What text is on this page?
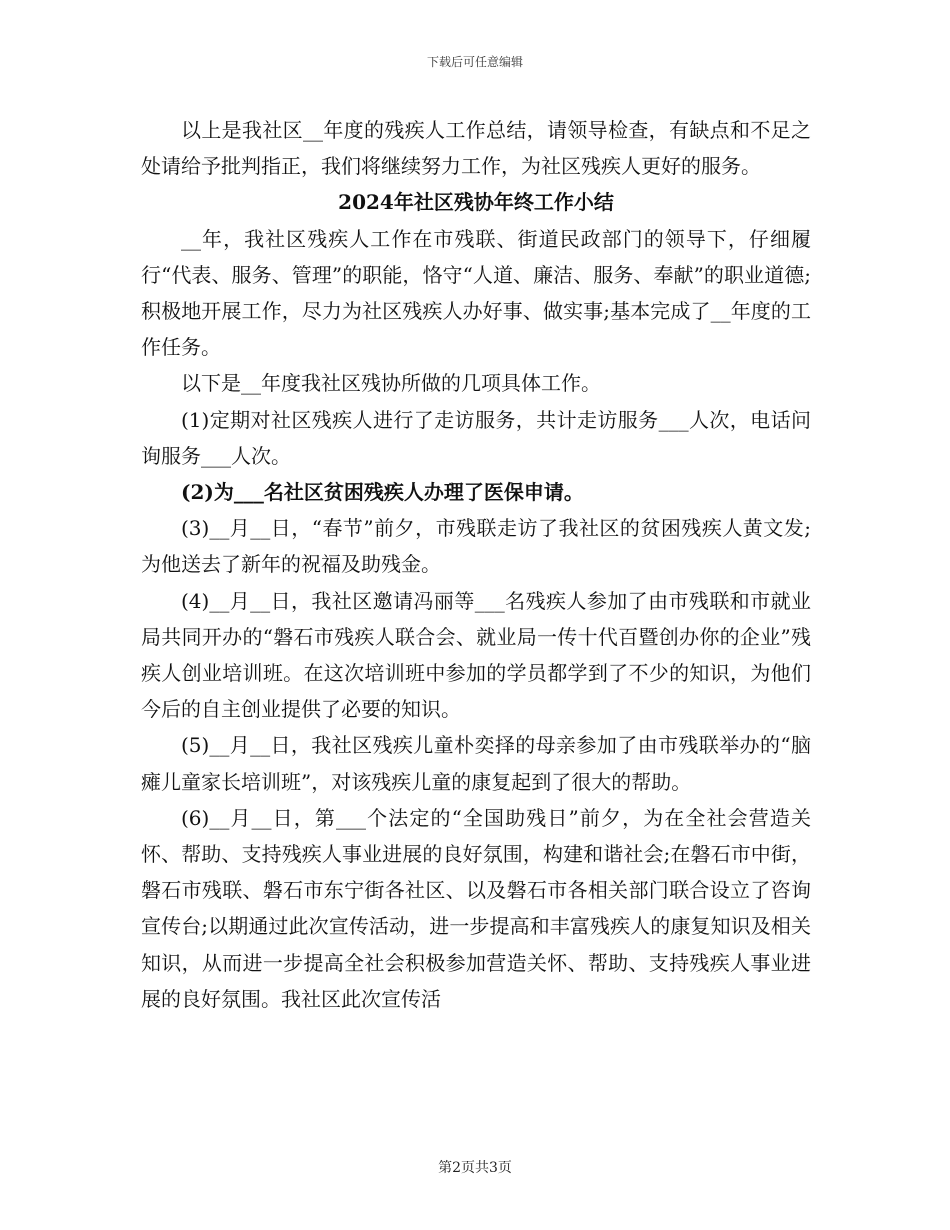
下载后可任意编辑

以上是我社区__年度的残疾人工作总结，请领导检查，有缺点和不足之处请给予批判指正，我们将继续努力工作，为社区残疾人更好的服务。

2024年社区残协年终工作小结

__年，我社区残疾人工作在市残联、街道民政部门的领导下，仔细履行“代表、服务、管理”的职能，恪守“人道、廉洁、服务、奉献”的职业道德;积极地开展工作，尽力为社区残疾人办好事、做实事;基本完成了__年度的工作任务。

以下是__年度我社区残协所做的几项具体工作。

(1)定期对社区残疾人进行了走访服务，共计走访服务___人次，电话问询服务___人次。

(2)为___名社区贫困残疾人办理了医保申请。

(3)__月__日，“春节”前夕，市残联走访了我社区的贫困残疾人黄文发;为他送去了新年的祝福及助残金。

(4)__月__日，我社区邀请冯丽等___名残疾人参加了由市残联和市就业局共同开办的“磐石市残疾人联合会、就业局一传十代百暨创办你的企业”残疾人创业培训班。在这次培训班中参加的学员都学到了不少的知识，为他们今后的自主创业提供了必要的知识。

(5)__月__日，我社区残疾儿童朴奕择的母亲参加了由市残联举办的“脑瘫儿童家长培训班”，对该残疾儿童的康复起到了很大的帮助。

(6)__月__日，第___个法定的“全国助残日”前夕，为在全社会营造关怀、帮助、支持残疾人事业进展的良好氛围，构建和谐社会;在磐石市中街，磐石市残联、磐石市东宁街各社区、以及磐石市各相关部门联合设立了咨询宣传台;以期通过此次宣传活动，进一步提高和丰富残疾人的康复知识及相关知识，从而进一步提高全社会积极参加营造关怀、帮助、支持残疾人事业进展的良好氛围。我社区此次宣传活

第2页共3页
